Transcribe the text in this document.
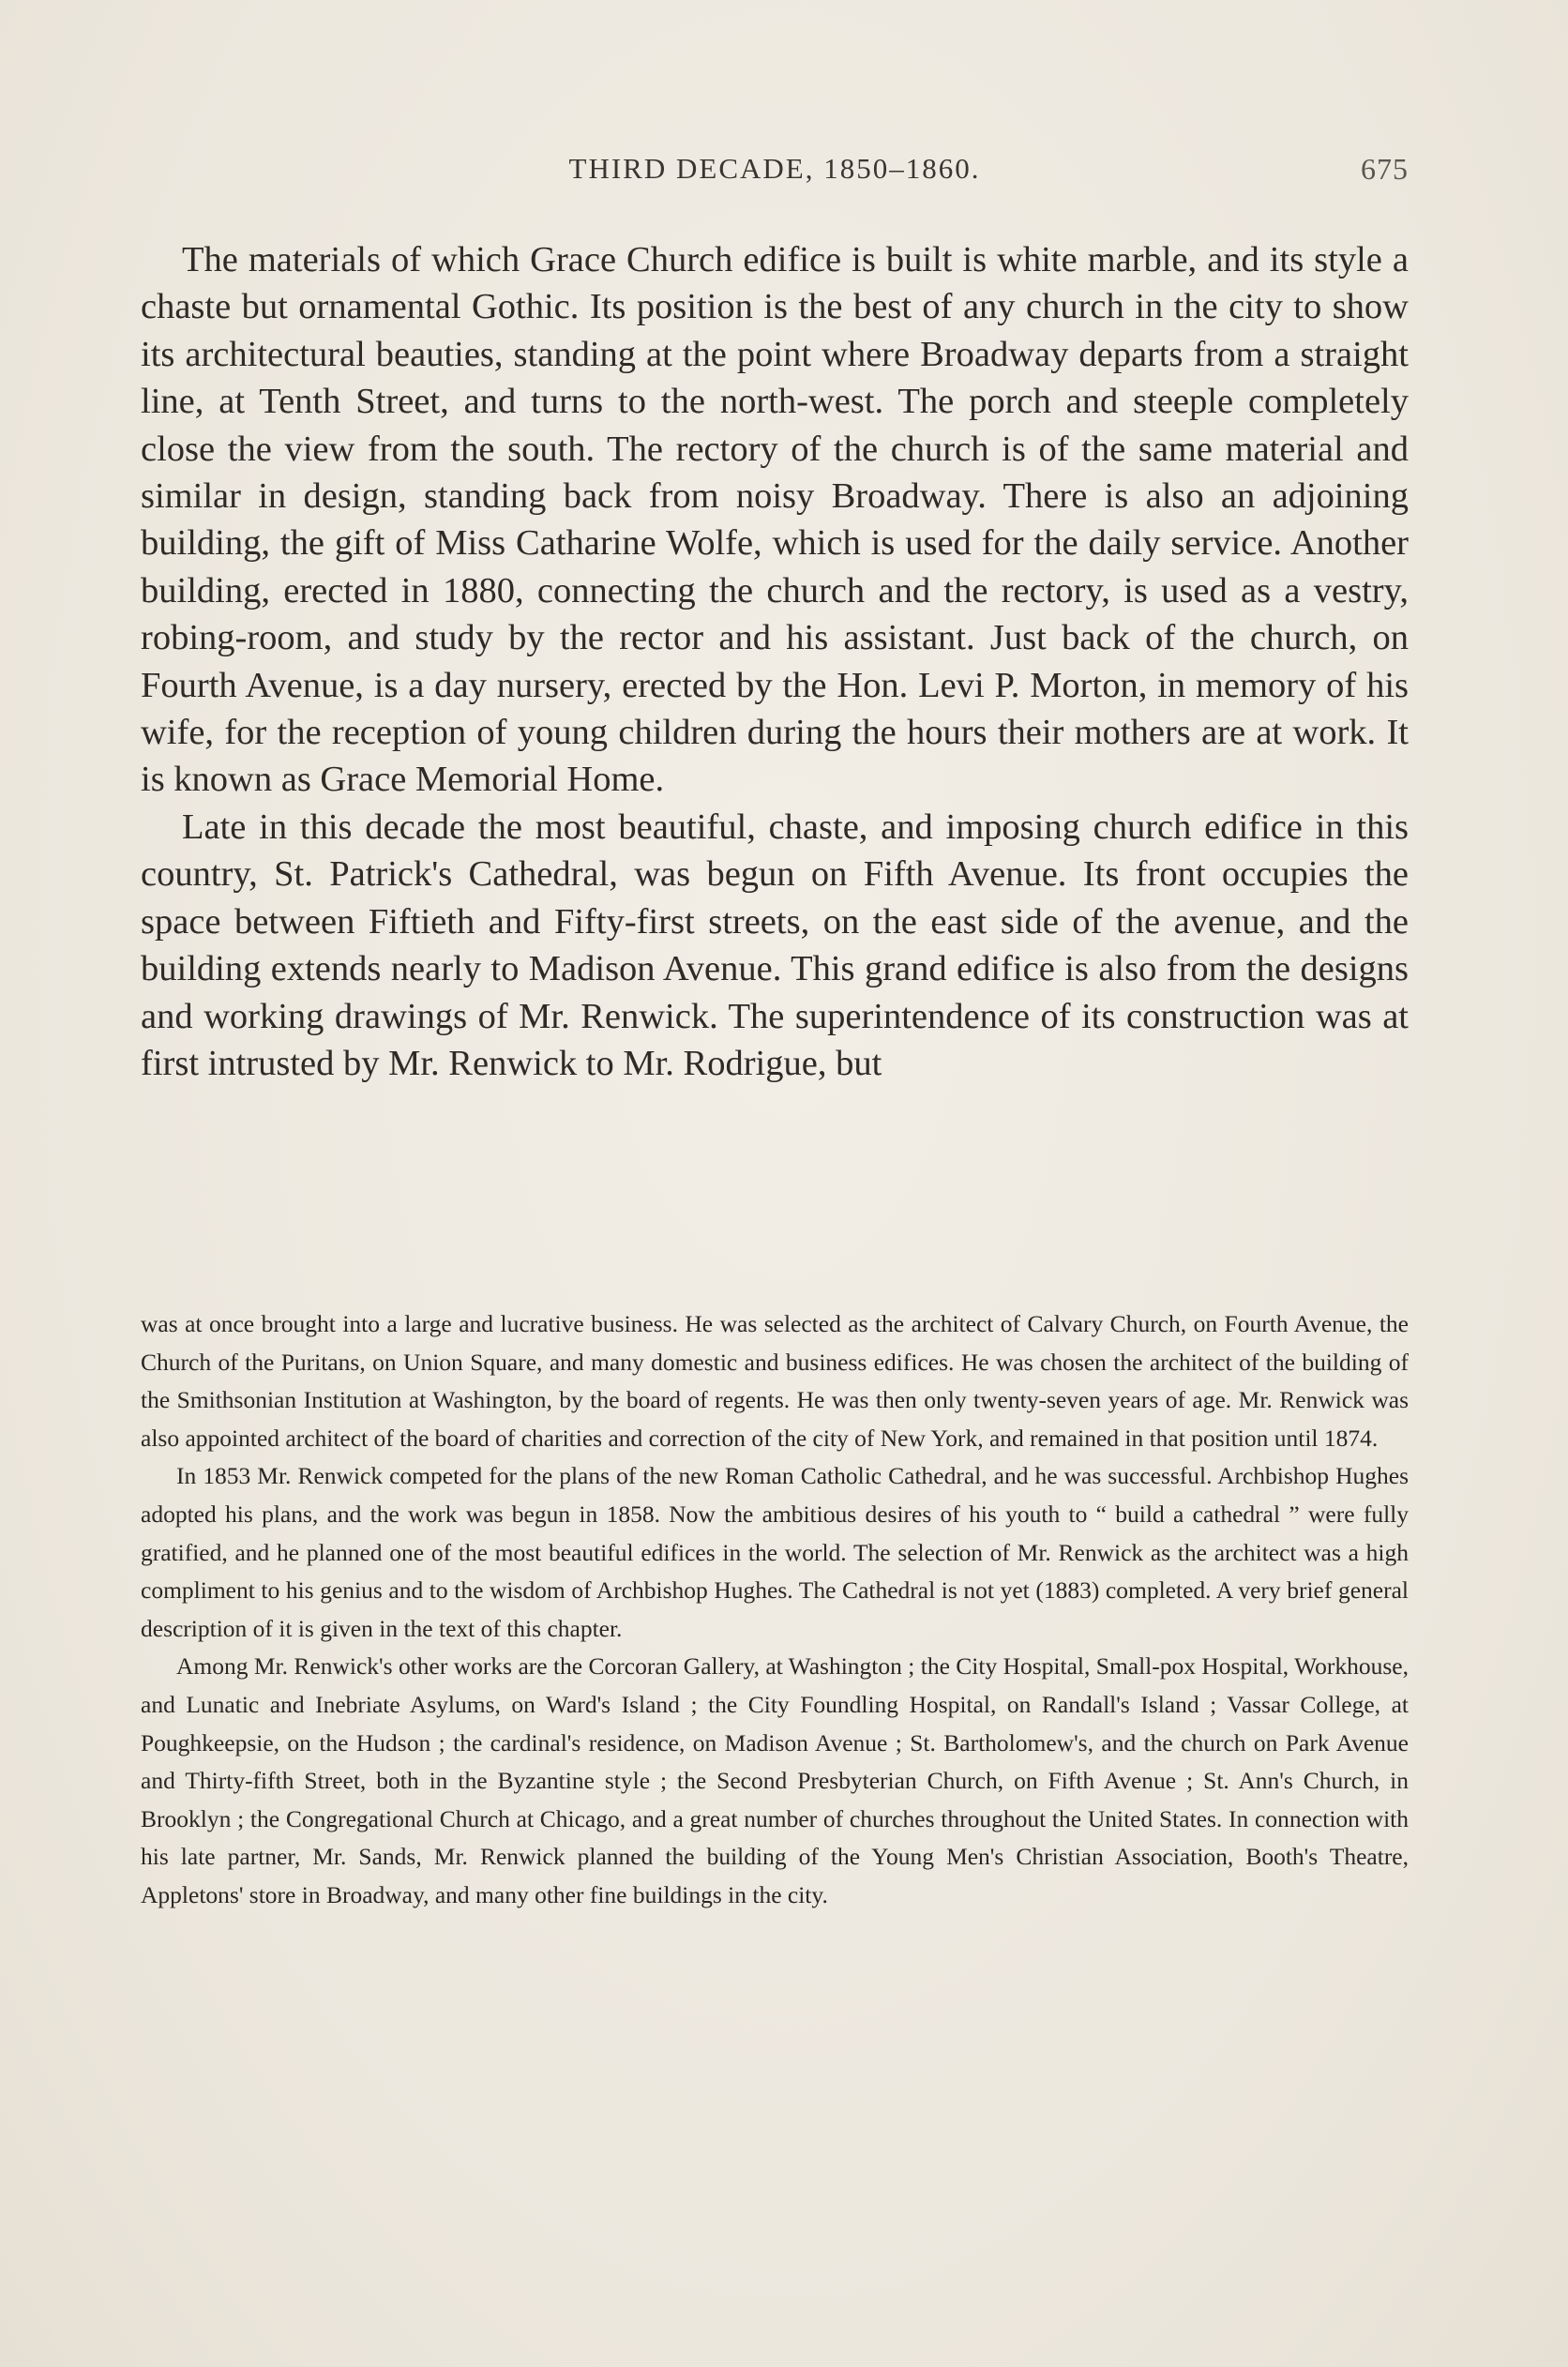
THIRD DECADE, 1850–1860.	675

The materials of which Grace Church edifice is built is white marble, and its style a chaste but ornamental Gothic. Its position is the best of any church in the city to show its architectural beauties, standing at the point where Broadway departs from a straight line, at Tenth Street, and turns to the north-west. The porch and steeple completely close the view from the south. The rectory of the church is of the same material and similar in design, standing back from noisy Broadway. There is also an adjoining building, the gift of Miss Catharine Wolfe, which is used for the daily service. Another building, erected in 1880, connecting the church and the rectory, is used as a vestry, robing-room, and study by the rector and his assistant. Just back of the church, on Fourth Avenue, is a day nursery, erected by the Hon. Levi P. Morton, in memory of his wife, for the reception of young children during the hours their mothers are at work. It is known as Grace Memorial Home.

Late in this decade the most beautiful, chaste, and imposing church edifice in this country, St. Patrick's Cathedral, was begun on Fifth Avenue. Its front occupies the space between Fiftieth and Fifty-first streets, on the east side of the avenue, and the building extends nearly to Madison Avenue. This grand edifice is also from the designs and working drawings of Mr. Renwick. The superintendence of its construction was at first intrusted by Mr. Renwick to Mr. Rodrigue, but

was at once brought into a large and lucrative business. He was selected as the architect of Calvary Church, on Fourth Avenue, the Church of the Puritans, on Union Square, and many domestic and business edifices. He was chosen the architect of the building of the Smithsonian Institution at Washington, by the board of regents. He was then only twenty-seven years of age. Mr. Renwick was also appointed architect of the board of charities and correction of the city of New York, and remained in that position until 1874.

In 1853 Mr. Renwick competed for the plans of the new Roman Catholic Cathedral, and he was successful. Archbishop Hughes adopted his plans, and the work was begun in 1858. Now the ambitious desires of his youth to “ build a cathedral ” were fully gratified, and he planned one of the most beautiful edifices in the world. The selection of Mr. Renwick as the architect was a high compliment to his genius and to the wisdom of Archbishop Hughes. The Cathedral is not yet (1883) completed. A very brief general description of it is given in the text of this chapter.

Among Mr. Renwick's other works are the Corcoran Gallery, at Washington ; the City Hospital, Small-pox Hospital, Workhouse, and Lunatic and Inebriate Asylums, on Ward's Island ; the City Foundling Hospital, on Randall's Island ; Vassar College, at Poughkeepsie, on the Hudson ; the cardinal's residence, on Madison Avenue ; St. Bartholomew's, and the church on Park Avenue and Thirty-fifth Street, both in the Byzantine style ; the Second Presbyterian Church, on Fifth Avenue ; St. Ann's Church, in Brooklyn ; the Congregational Church at Chicago, and a great number of churches throughout the United States. In connection with his late partner, Mr. Sands, Mr. Renwick planned the building of the Young Men's Christian Association, Booth's Theatre, Appletons' store in Broadway, and many other fine buildings in the city.
